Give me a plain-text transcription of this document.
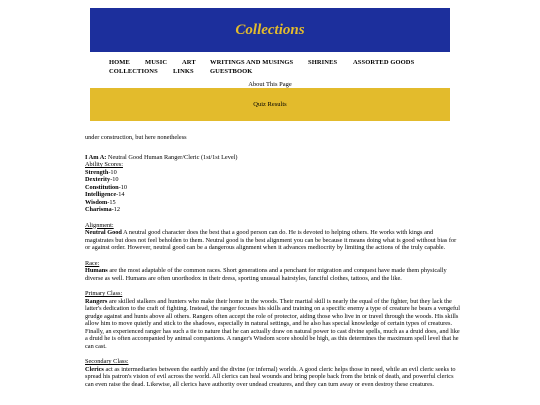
Collections
HOME	MUSIC	ART	WRITINGS AND MUSINGS	SHRINES	ASSORTED GOODS
COLLECTIONS	LINKS	GUESTBOOK
About This Page
Quiz Results

under construction, but here nonetheless

I Am A: Neutral Good Human Ranger/Cleric (1st/1st Level)

Ability Scores:

Strength-10

Dexterity-10

Constitution-10

Intelligence-14

Wisdom-15

Charisma-12

Alignment:

Neutral Good A neutral good character does the best that a good person can do. He is devoted to helping others. He works with kings and magistrates but does not feel beholden to them. Neutral good is the best alignment you can be because it means doing what is good without bias for or against order. However, neutral good can be a dangerous alignment when it advances mediocrity by limiting the actions of the truly capable.

Race:

Humans are the most adaptable of the common races. Short generations and a penchant for migration and conquest have made them physically diverse as well. Humans are often unorthodox in their dress, sporting unusual hairstyles, fanciful clothes, tattoos, and the like.

Primary Class:

Rangers are skilled stalkers and hunters who make their home in the woods. Their martial skill is nearly the equal of the fighter, but they lack the latter's dedication to the craft of fighting. Instead, the ranger focuses his skills and training on a specific enemy a type of creature he bears a vengeful grudge against and hunts above all others. Rangers often accept the role of protector, aiding those who live in or travel through the woods. His skills allow him to move quietly and stick to the shadows, especially in natural settings, and he also has special knowledge of certain types of creatures. Finally, an experienced ranger has such a tie to nature that he can actually draw on natural power to cast divine spells, much as a druid does, and like a druid he is often accompanied by animal companions. A ranger's Wisdom score should be high, as this determines the maximum spell level that he can cast.

Secondary Class:

Clerics act as intermediaries between the earthly and the divine (or infernal) worlds. A good cleric helps those in need, while an evil cleric seeks to spread his patron's vision of evil across the world. All clerics can heal wounds and bring people back from the brink of death, and powerful clerics can even raise the dead. Likewise, all clerics have authority over undead creatures, and they can turn away or even destroy these creatures.
